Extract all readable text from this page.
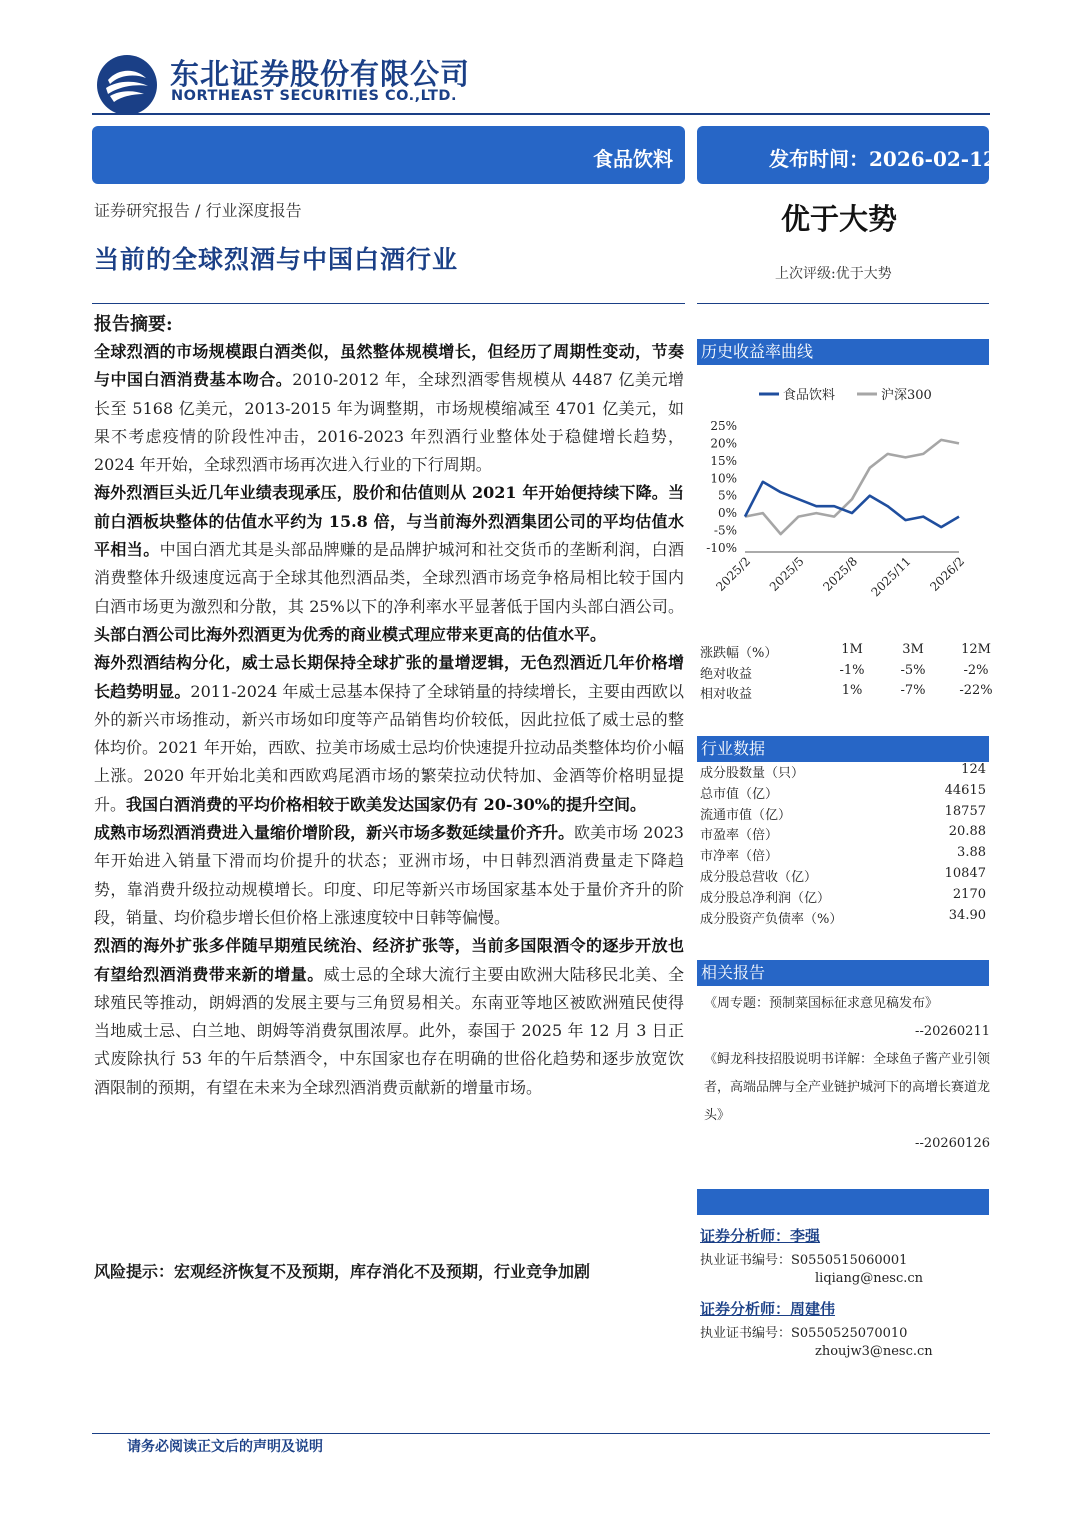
东北证券股份有限公司
NORTHEAST SECURITIES CO.,LTD.
食品饮料	发布时间：2026-02-12
证券研究报告 / 行业深度报告
当前的全球烈酒与中国白酒行业
优于大势
上次评级:优于大势
报告摘要:

全球烈酒的市场规模跟白酒类似，虽然整体规模增长，但经历了周期性变动，节奏与中国白酒消费基本吻合。2010-2012 年，全球烈酒零售规模从 4487 亿美元增长至 5168 亿美元，2013-2015 年为调整期，市场规模缩减至 4701 亿美元，如果不考虑疫情的阶段性冲击，2016-2023 年烈酒行业整体处于稳健增长趋势，2024 年开始，全球烈酒市场再次进入行业的下行周期。

海外烈酒巨头近几年业绩表现承压，股价和估值则从 2021 年开始便持续下降。当前白酒板块整体的估值水平约为 15.8 倍，与当前海外烈酒集团公司的平均估值水平相当。中国白酒尤其是头部品牌赚的是品牌护城河和社交货币的垄断利润，白酒消费整体升级速度远高于全球其他烈酒品类，全球烈酒市场竞争格局相比较于国内白酒市场更为激烈和分散，其 25%以下的净利率水平显著低于国内头部白酒公司。头部白酒公司比海外烈酒更为优秀的商业模式理应带来更高的估值水平。

海外烈酒结构分化，威士忌长期保持全球扩张的量增逻辑，无色烈酒近几年价格增长趋势明显。2011-2024 年威士忌基本保持了全球销量的持续增长，主要由西欧以外的新兴市场推动，新兴市场如印度等产品销售均价较低，因此拉低了威士忌的整体均价。2021 年开始，西欧、拉美市场威士忌均价快速提升拉动品类整体均价小幅上涨。2020 年开始北美和西欧鸡尾酒市场的繁荣拉动伏特加、金酒等价格明显提升。我国白酒消费的平均价格相较于欧美发达国家仍有 20-30%的提升空间。

成熟市场烈酒消费进入量缩价增阶段，新兴市场多数延续量价齐升。欧美市场 2023 年开始进入销量下滑而均价提升的状态；亚洲市场，中日韩烈酒消费量走下降趋势，靠消费升级拉动规模增长。印度、印尼等新兴市场国家基本处于量价齐升的阶段，销量、均价稳步增长但价格上涨速度较中日韩等偏慢。

烈酒的海外扩张多伴随早期殖民统治、经济扩张等，当前多国限酒令的逐步开放也有望给烈酒消费带来新的增量。威士忌的全球大流行主要由欧洲大陆移民北美、全球殖民等推动，朗姆酒的发展主要与三角贸易相关。东南亚等地区被欧洲殖民使得当地威士忌、白兰地、朗姆等消费氛围浓厚。此外，泰国于 2025 年 12 月 3 日正式废除执行 53 年的午后禁酒令，中东国家也存在明确的世俗化趋势和逐步放宽饮酒限制的预期，有望在未来为全球烈酒消费贡献新的增量市场。

风险提示：宏观经济恢复不及预期，库存消化不及预期，行业竞争加剧
历史收益率曲线
食品饮料	沪深300
25%
20%
15%
10%
5%
0%
-5%
-10%
2025/2 2025/5 2025/8 2025/11 2026/2
涨跌幅（%）	1M	3M	12M
绝对收益	-1%	-5%	-2%
相对收益	1%	-7%	-22%
行业数据
成分股数量（只）	124
总市值（亿）	44615
流通市值（亿）	18757
市盈率（倍）	20.88
市净率（倍）	3.88
成分股总营收（亿）	10847
成分股总净利润（亿）	2170
成分股资产负债率（%）	34.90
相关报告
《周专题：预制菜国标征求意见稿发布》
--20260211
《鲟龙科技招股说明书详解：全球鱼子酱产业引领者，高端品牌与全产业链护城河下的高增长赛道龙头》
--20260126
证券分析师：李强
执业证书编号：S0550515060001
liqiang@nesc.cn
证券分析师：周建伟
执业证书编号：S0550525070010
zhoujw3@nesc.cn
请务必阅读正文后的声明及说明
